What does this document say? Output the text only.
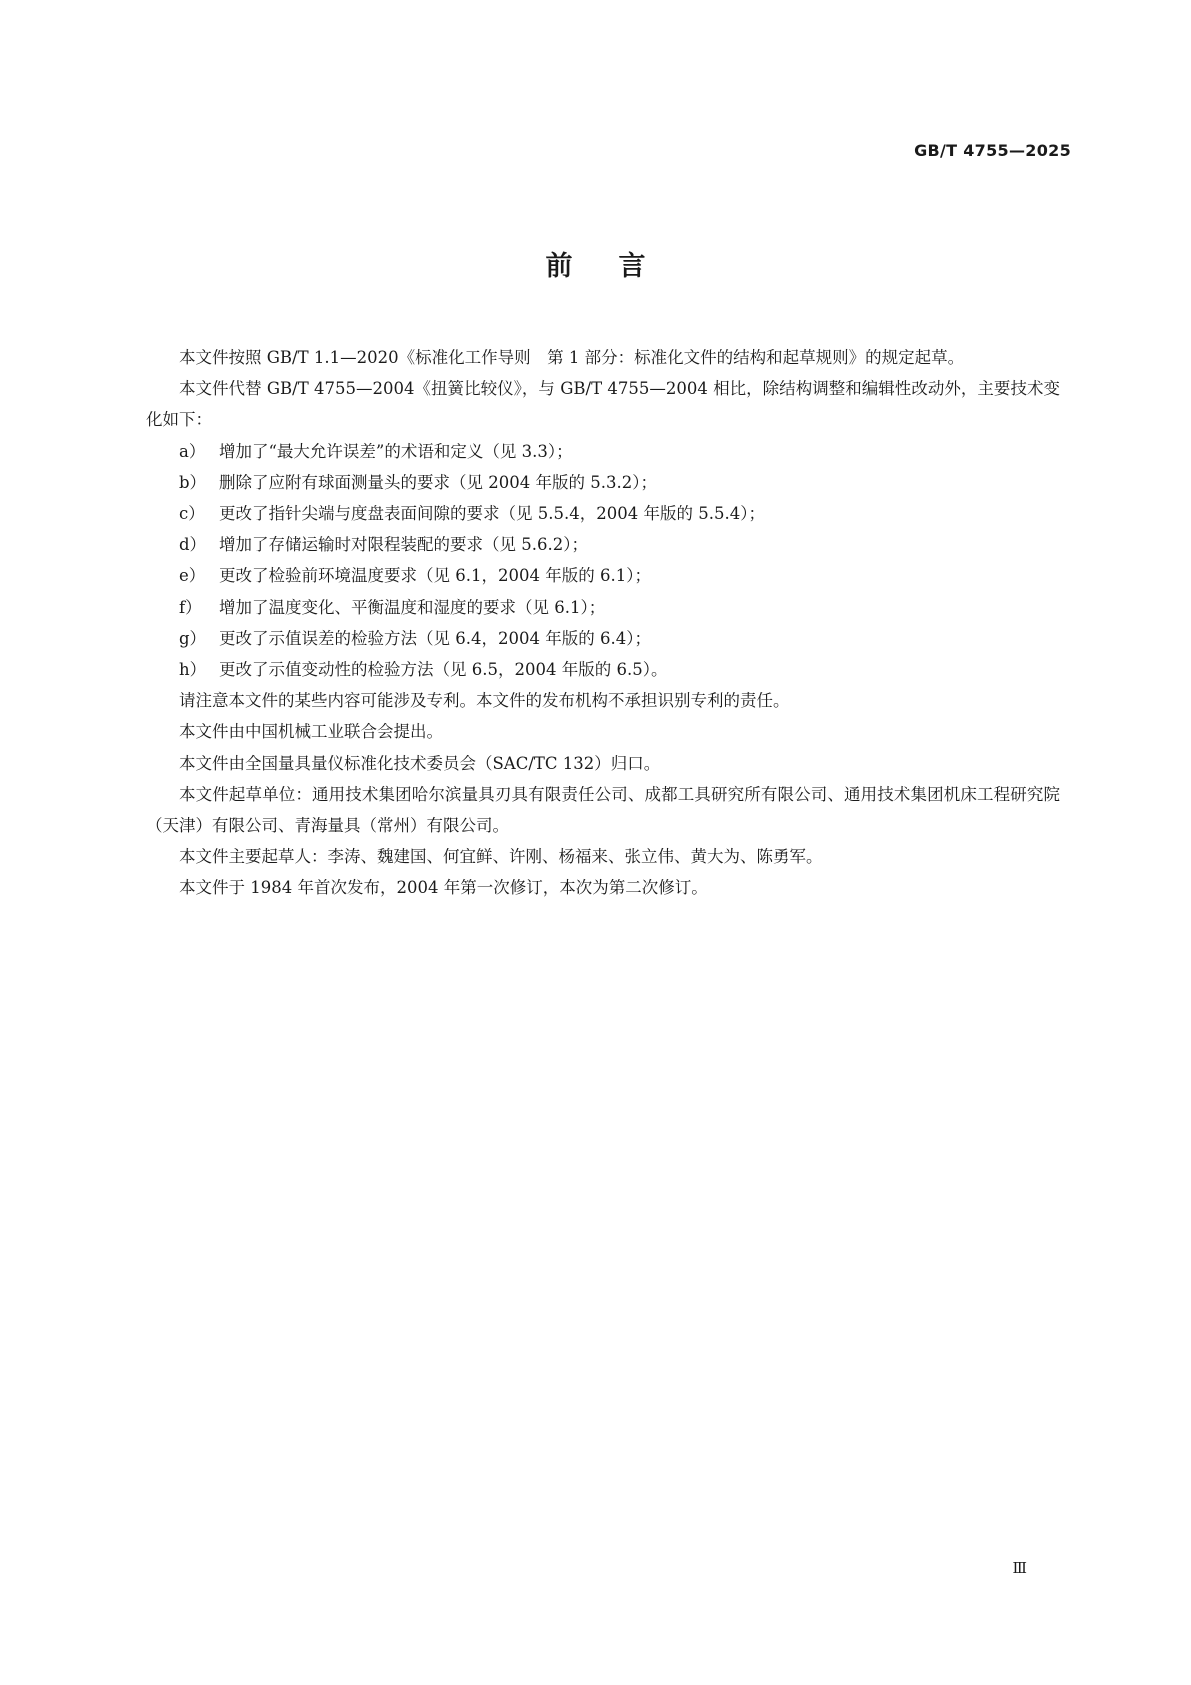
GB/T 4755—2025
前言

本文件按照 GB/T 1.1—2020《标准化工作导则　第 1 部分：标准化文件的结构和起草规则》的规定起草。

本文件代替 GB/T 4755—2004《扭簧比较仪》，与 GB/T 4755—2004 相比，除结构调整和编辑性改动外，主要技术变化如下：

a） 增加了“最大允许误差”的术语和定义（见 3.3）；
b） 删除了应附有球面测量头的要求（见 2004 年版的 5.3.2）；
c） 更改了指针尖端与度盘表面间隙的要求（见 5.5.4，2004 年版的 5.5.4）；
d） 增加了存储运输时对限程装配的要求（见 5.6.2）；
e） 更改了检验前环境温度要求（见 6.1，2004 年版的 6.1）；
f）	增加了温度变化、平衡温度和湿度的要求（见 6.1）；
g） 更改了示值误差的检验方法（见 6.4，2004 年版的 6.4）；
h） 更改了示值变动性的检验方法（见 6.5，2004 年版的 6.5）。

请注意本文件的某些内容可能涉及专利。本文件的发布机构不承担识别专利的责任。

本文件由中国机械工业联合会提出。

本文件由全国量具量仪标准化技术委员会（SAC/TC 132）归口。

本文件起草单位：通用技术集团哈尔滨量具刃具有限责任公司、成都工具研究所有限公司、通用技术集团机床工程研究院（天津）有限公司、青海量具（常州）有限公司。

本文件主要起草人：李涛、魏建国、何宜鲜、许刚、杨福来、张立伟、黄大为、陈勇军。

本文件于 1984 年首次发布，2004 年第一次修订，本次为第二次修订。

Ⅲ
